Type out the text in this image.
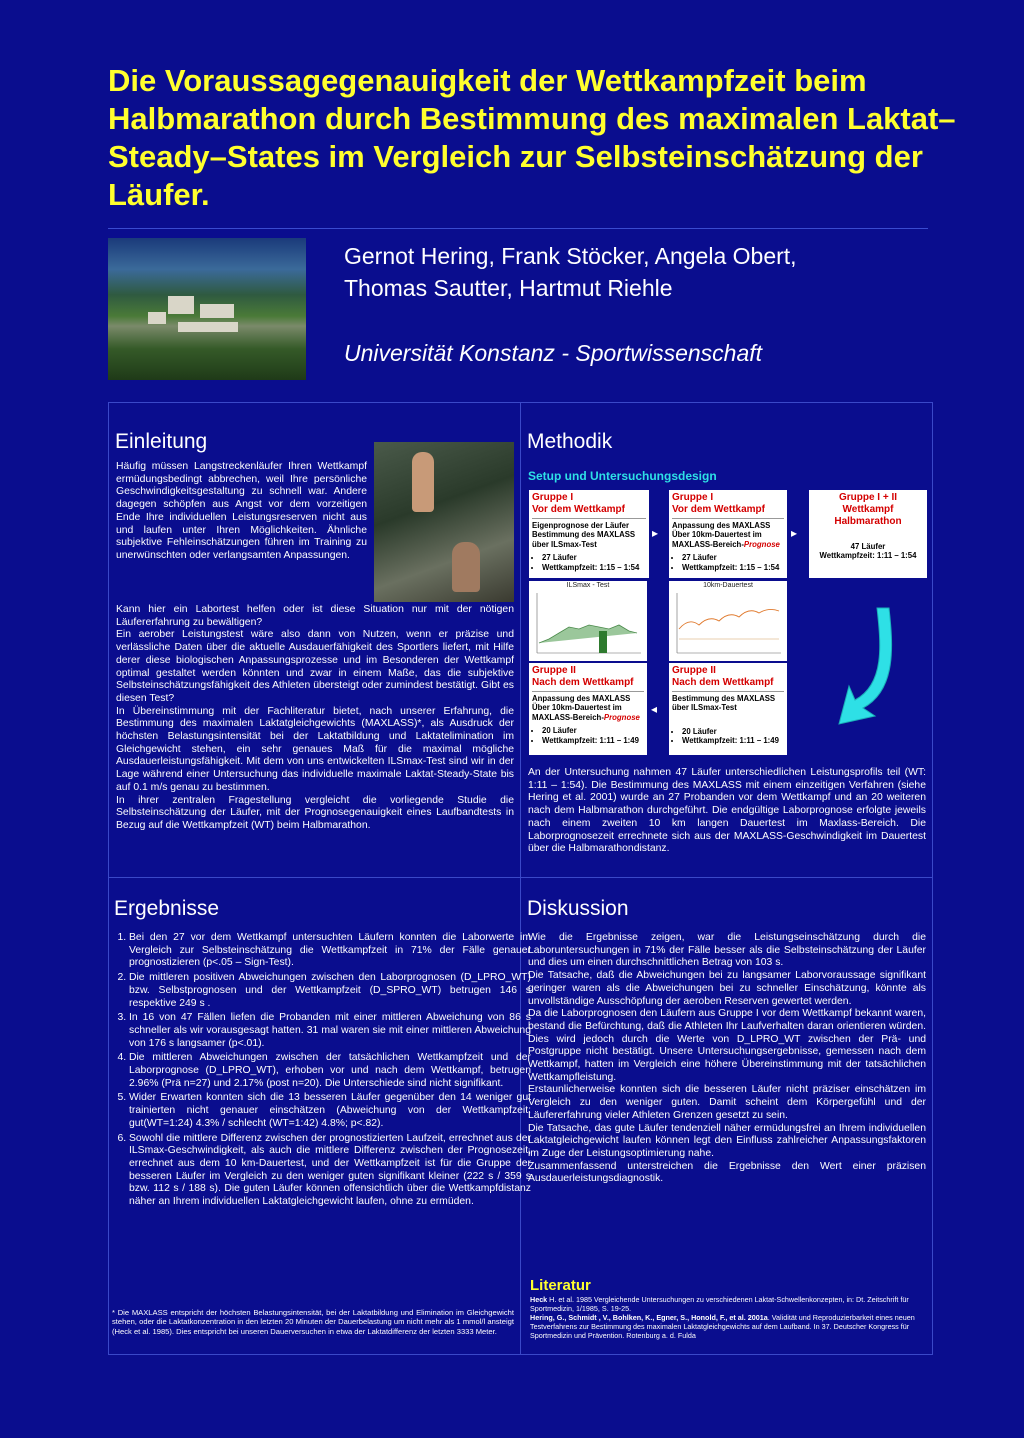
Die Voraussagegenauigkeit der Wettkampfzeit beim Halbmarathon durch Bestimmung des maximalen Laktat–Steady–States im Vergleich zur Selbsteinschätzung der Läufer.

Gernot Hering, Frank Stöcker, Angela Obert,
Thomas Sautter, Hartmut Riehle

Universität Konstanz - Sportwissenschaft

Einleitung

Häufig müssen Langstreckenläufer Ihren Wettkampf ermüdungsbedingt abbrechen, weil Ihre persönliche Geschwindigkeitsgestaltung zu schnell war. Andere dagegen schöpfen aus Angst vor dem vorzeitigen Ende Ihre individuellen Leistungsreserven nicht aus und laufen unter Ihren Möglichkeiten. Ähnliche subjektive Fehleinschätzungen führen im Training zu unerwünschten oder verlangsamten Anpassungen.

Kann hier ein Labortest helfen oder ist diese Situation nur mit der nötigen Läufererfahrung zu bewältigen?

Ein aerober Leistungstest wäre also dann von Nutzen, wenn er präzise und verlässliche Daten über die aktuelle Ausdauerfähigkeit des Sportlers liefert, mit Hilfe derer diese biologischen Anpassungsprozesse und im Besonderen der Wettkampf optimal gestaltet werden könnten und zwar in einem Maße, das die subjektive Selbsteinschätzungsfähigkeit des Athleten übersteigt oder zumindest bestätigt. Gibt es diesen Test?

In Übereinstimmung mit der Fachliteratur bietet, nach unserer Erfahrung, die Bestimmung des maximalen Laktatgleichgewichts (MAXLASS)*, als Ausdruck der höchsten Belastungsintensität bei der Laktatbildung und Laktatelimination im Gleichgewicht stehen, ein sehr genaues Maß für die maximal mögliche Ausdauerleistungsfähigkeit. Mit dem von uns entwickelten ILSmax-Test sind wir in der Lage während einer Untersuchung das individuelle maximale Laktat-Steady-State bis auf 0.1 m/s genau zu bestimmen.

In ihrer zentralen Fragestellung vergleicht die vorliegende Studie die Selbsteinschätzung der Läufer, mit der Prognosegenauigkeit eines Laufbandtests in Bezug auf die Wettkampfzeit (WT) beim Halbmarathon.

Methodik

Setup und Untersuchungsdesign

Gruppe I
Vor dem Wettkampf
Eigenprognose der Läufer Bestimmung des MAXLASS über ILSmax-Test
• 27 Läufer
• Wettkampfzeit: 1:15 – 1:54
Gruppe I
Vor dem Wettkampf
Anpassung des MAXLASS Über 10km-Dauertest im MAXLASS-Bereich-Prognose
• 27 Läufer
• Wettkampfzeit: 1:15 – 1:54
Gruppe I + II
Wettkampf
Halbmarathon
47 Läufer
Wettkampfzeit: 1:11 – 1:54
▸	▸
ILSmax - Test	10km-Dauertest
Gruppe II
Nach dem Wettkampf
Anpassung des MAXLASS Über 10km-Dauertest im MAXLASS-Bereich-Prognose
• 20 Läufer
• Wettkampfzeit: 1:11 – 1:49
Gruppe II
Nach dem Wettkampf
Bestimmung des MAXLASS über ILSmax-Test
• 20 Läufer
• Wettkampfzeit: 1:11 – 1:49
◂

An der Untersuchung nahmen 47 Läufer unterschiedlichen Leistungsprofils teil (WT: 1:11 – 1:54). Die Bestimmung des MAXLASS mit einem einzeitigen Verfahren (siehe Hering et al. 2001) wurde an 27 Probanden vor dem Wettkampf und an 20 weiteren nach dem Halbmarathon durchgeführt. Die endgültige Laborprognose erfolgte jeweils nach einem zweiten 10 km langen Dauertest im Maxlass-Bereich. Die Laborprognosezeit errechnete sich aus der MAXLASS-Geschwindigkeit im Dauertest über die Halbmarathondistanz.

Ergebnisse
1. Bei den 27 vor dem Wettkampf untersuchten Läufern konnten die Laborwerte im Vergleich zur Selbsteinschätzung die Wettkampfzeit in 71% der Fälle genauer prognostizieren (p<.05 – Sign-Test).
2. Die mittleren positiven Abweichungen zwischen den Laborprognosen (D_LPRO_WT) bzw. Selbstprognosen und der Wettkampfzeit (D_SPRO_WT) betrugen 146 s respektive 249 s .
3. In 16 von 47 Fällen liefen die Probanden mit einer mittleren Abweichung von 86 s schneller als wir vorausgesagt hatten. 31 mal waren sie mit einer mittleren Abweichung von 176 s langsamer (p<.01).
4. Die mittleren Abweichungen zwischen der tatsächlichen Wettkampfzeit und der Laborprognose (D_LPRO_WT), erhoben vor und nach dem Wettkampf, betrugen 2.96% (Prä n=27) und 2.17% (post n=20). Die Unterschiede sind nicht signifikant.
5. Wider Erwarten konnten sich die 13 besseren Läufer gegenüber den 14 weniger gut trainierten nicht genauer einschätzen (Abweichung von der Wettkampfzeit: gut(WT=1:24) 4.3% / schlecht (WT=1:42) 4.8%; p<.82).
6. Sowohl die mittlere Differenz zwischen der prognostizierten Laufzeit, errechnet aus der ILSmax-Geschwindigkeit, als auch die mittlere Differenz zwischen der Prognosezeit, errechnet aus dem 10 km-Dauertest, und der Wettkampfzeit ist für die Gruppe der besseren Läufer im Vergleich zu den weniger guten signifikant kleiner (222 s / 359 s bzw. 112 s / 188 s). Die guten Läufer können offensichtlich über die Wettkampfdistanz näher an Ihrem individuellen Laktatgleichgewicht laufen, ohne zu ermüden.
* Die MAXLASS entspricht der höchsten Belastungsintensität, bei der Laktatbildung und Elimination im Gleichgewicht stehen, oder die Laktatkonzentration in den letzten 20 Minuten der Dauerbelastung um nicht mehr als 1 mmol/l ansteigt (Heck et al. 1985). Dies entspricht bei unseren Dauerversuchen in etwa der Laktatdifferenz der letzten 3333 Meter.
Diskussion

Wie die Ergebnisse zeigen, war die Leistungseinschätzung durch die Laboruntersuchungen in 71% der Fälle besser als die Selbsteinschätzung der Läufer und dies um einen durchschnittlichen Betrag von 103 s.

Die Tatsache, daß die Abweichungen bei zu langsamer Laborvoraussage signifikant geringer waren als die Abweichungen bei zu schneller Einschätzung, könnte als unvollständige Ausschöpfung der aeroben Reserven gewertet werden.

Da die Laborprognosen den Läufern aus Gruppe I vor dem Wettkampf bekannt waren, bestand die Befürchtung, daß die Athleten Ihr Laufverhalten daran orientieren würden. Dies wird jedoch durch die Werte von D_LPRO_WT zwischen der Prä- und Postgruppe nicht bestätigt. Unsere Untersuchungsergebnisse, gemessen nach dem Wettkampf, hatten im Vergleich eine höhere Übereinstimmung mit der tatsächlichen Wettkampfleistung.

Erstaunlicherweise konnten sich die besseren Läufer nicht präziser einschätzen im Vergleich zu den weniger guten. Damit scheint dem Körpergefühl und der Läufererfahrung vieler Athleten Grenzen gesetzt zu sein.

Die Tatsache, das gute Läufer tendenziell näher ermüdungsfrei an Ihrem individuellen Laktatgleichgewicht laufen können legt den Einfluss zahlreicher Anpassungsfaktoren im Zuge der Leistungsoptimierung nahe.

Zusammenfassend unterstreichen die Ergebnisse den Wert einer präzisen Ausdauerleistungsdiagnostik.

Literatur

Heck H. et al. 1985 Vergleichende Untersuchungen zu verschiedenen Laktat-Schwellenkonzepten, in: Dt. Zeitschrift für Sportmedizin, 1/1985, S. 19-25.

Hering, G., Schmidt , V., Bohlken, K., Egner, S., Honold, F., et al. 2001a. Validität und Reproduzierbarkeit eines neuen Testverfahrens zur Bestimmung des maximalen Laktatgleichgewichts auf dem Laufband. In 37. Deutscher Kongress für Sportmedizin und Prävention. Rotenburg a. d. Fulda
